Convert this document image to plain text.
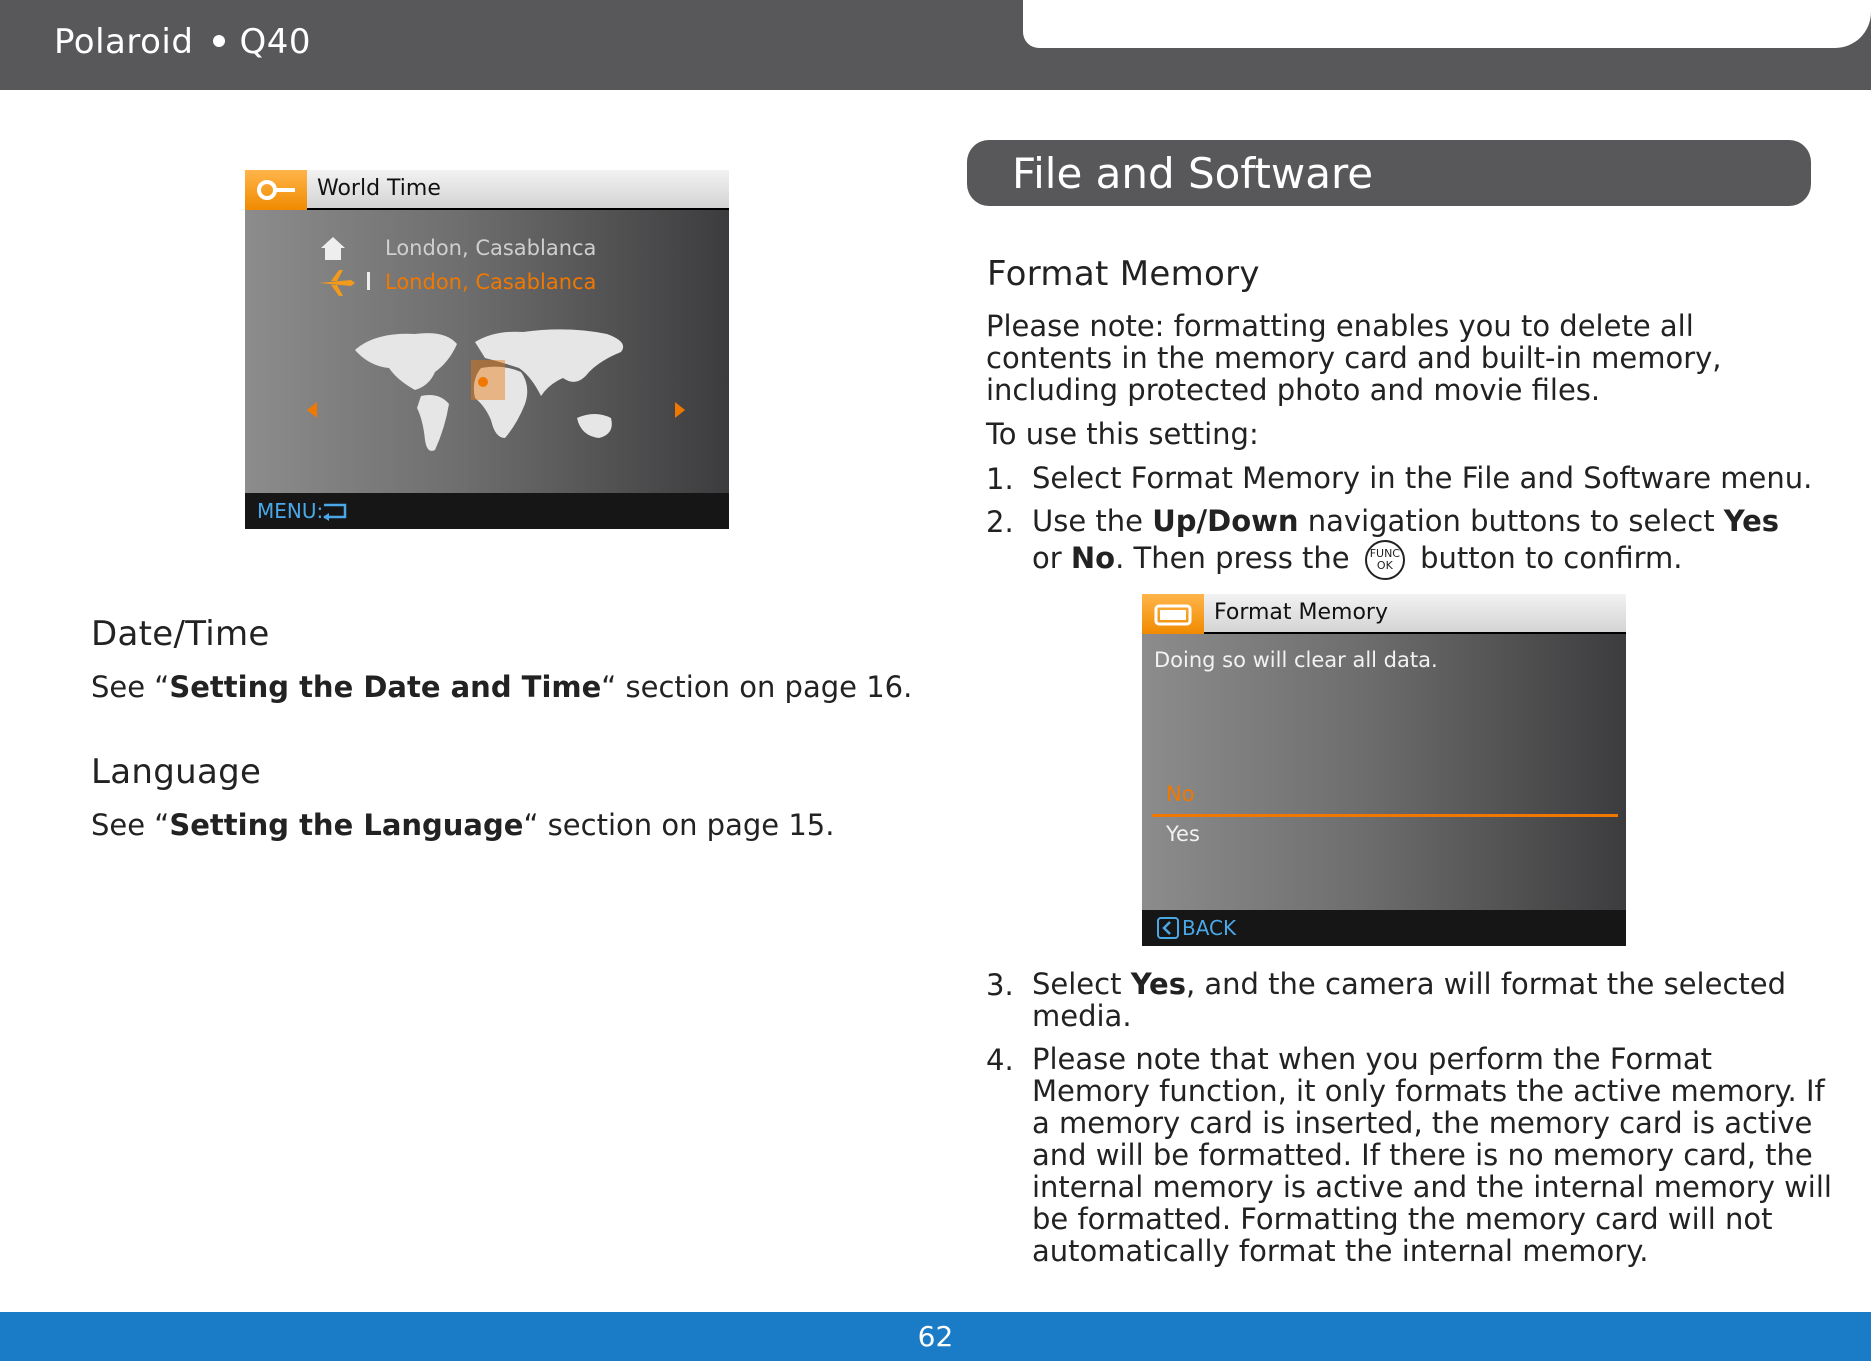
Polaroid Q40
World Time
London, Casablanca
London, Casablanca
MENU:
Date/Time
See “Setting the Date and Time“ section on page 16.
Language
See “Setting the Language“ section on page 15.
File and Software
Format Memory
Please note: formatting enables you to delete all
contents in the memory card and built-in memory,
including protected photo and movie files.
To use this setting:
1. Select Format Memory in the File and Software menu.
2. Use the Up/Down navigation buttons to select Yes
or No. Then press the FUNC
OK button to confirm.
Format Memory
Doing so will clear all data.
No
Yes
BACK
3. Select Yes, and the camera will format the selected
media.
4. Please note that when you perform the Format
Memory function, it only formats the active memory. If
a memory card is inserted, the memory card is active
and will be formatted. If there is no memory card, the
internal memory is active and the internal memory will
be formatted. Formatting the memory card will not
automatically format the internal memory.
62
